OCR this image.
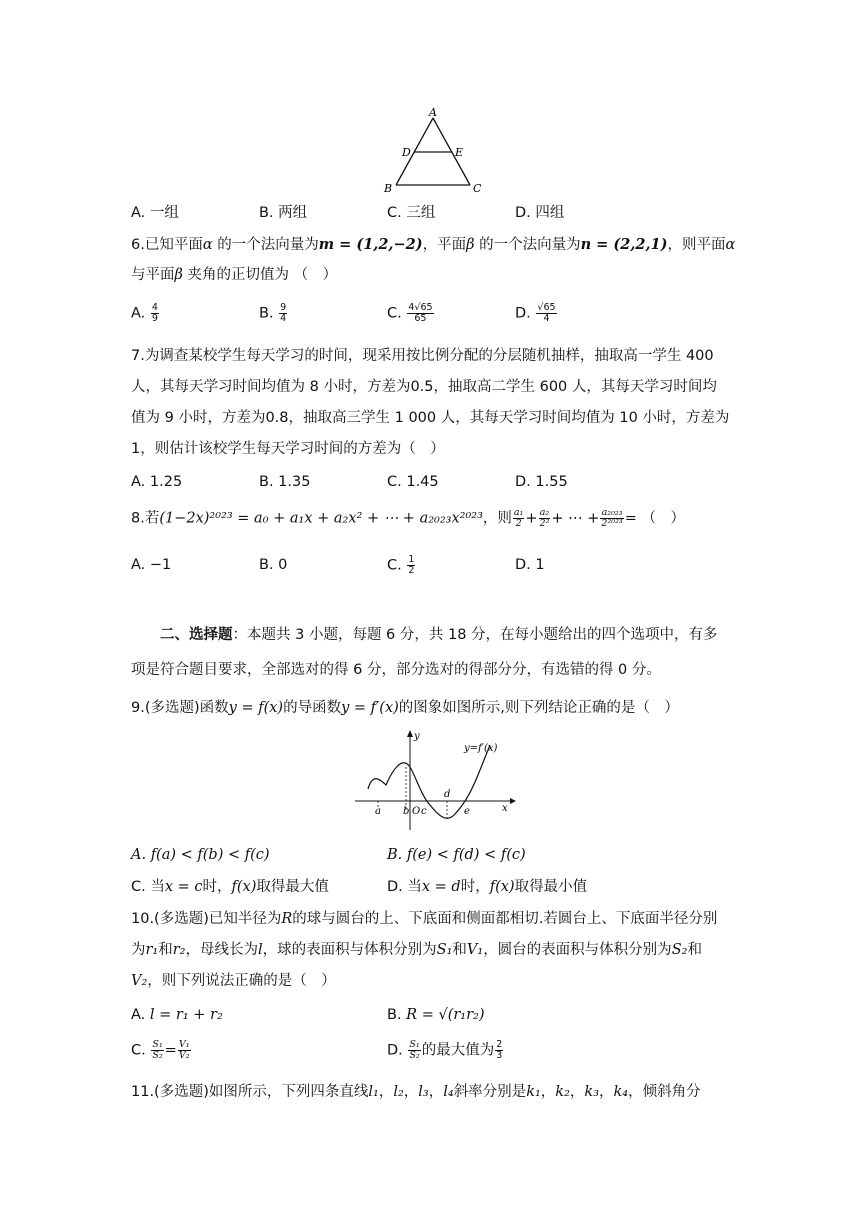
A
D	E
B	C
A. 一组	B. 两组	C. 三组	D. 四组
6.已知平面α 的一个法向量为m = (1,2,−2)，平面β 的一个法向量为n = (2,2,1)，则平面α
与平面β 夹角的正切值为 （　）
A. $\frac{4}{9}$	B. $\frac{9}{4}$	C. $\frac{4√65}{65}$	D. $\frac{√65}{4}$
7.为调查某校学生每天学习的时间，现采用按比例分配的分层随机抽样，抽取高一学生 400
人，其每天学习时间均值为 8 小时，方差为0.5，抽取高二学生 600 人，其每天学习时间均
值为 9 小时，方差为0.8，抽取高三学生 1 000 人，其每天学习时间均值为 10 小时，方差为
1，则估计该校学生每天学习时间的方差为（　）
A. 1.25	B. 1.35	C. 1.45	D. 1.55
8.若(1−2x)²⁰²³ = a₀ + a₁x + a₂x² + ⋯ + a₂₀₂₃x²⁰²³，则 $\frac{\text{a₁}}{2} + \frac{\text{a₂}}{\text{2²}}$ + ⋯ + $\frac{\text{a₂₀₂₃}}{\text{2²⁰²³}}$ = （　）
A. −1	B. 0	C. $\frac{1}{2}$	D. 1
二、选择题：本题共 3 小题，每题 6 分，共 18 分，在每小题给出的四个选项中，有多
项是符合题目要求，全部选对的得 6 分，部分选对的得部分分，有选错的得 0 分。
9.(多选题)函数y = f(x)的导函数y = f′(x)的图象如图所示,则下列结论正确的是（　）
y
y=f′(x)
a b O c
d
e	x
A. f(a) < f(b) < f(c)	B. f(e) < f(d) < f(c)
C. 当x = c时，f(x)取得最大值	D. 当x = d时，f(x)取得最小值
10.(多选题)已知半径为R的球与圆台的上、下底面和侧面都相切.若圆台上、下底面半径分别
为r₁和r₂，母线长为l，球的表面积与体积分别为S₁和V₁，圆台的表面积与体积分别为S₂和
V₂，则下列说法正确的是（　）
A. l = r₁ + r₂	B. R = √(r₁r₂)
C. $\frac{\text{S₁}}{\text{S₂}} = \frac{\text{V₁}}{\text{V₂}}$	D. $\frac{\text{S₁}}{\text{S₂}}$ 的最大值为 $\frac{2}{3}$
11.(多选题)如图所示，下列四条直线l₁，l₂，l₃，l₄斜率分别是k₁，k₂，k₃，k₄，倾斜角分
